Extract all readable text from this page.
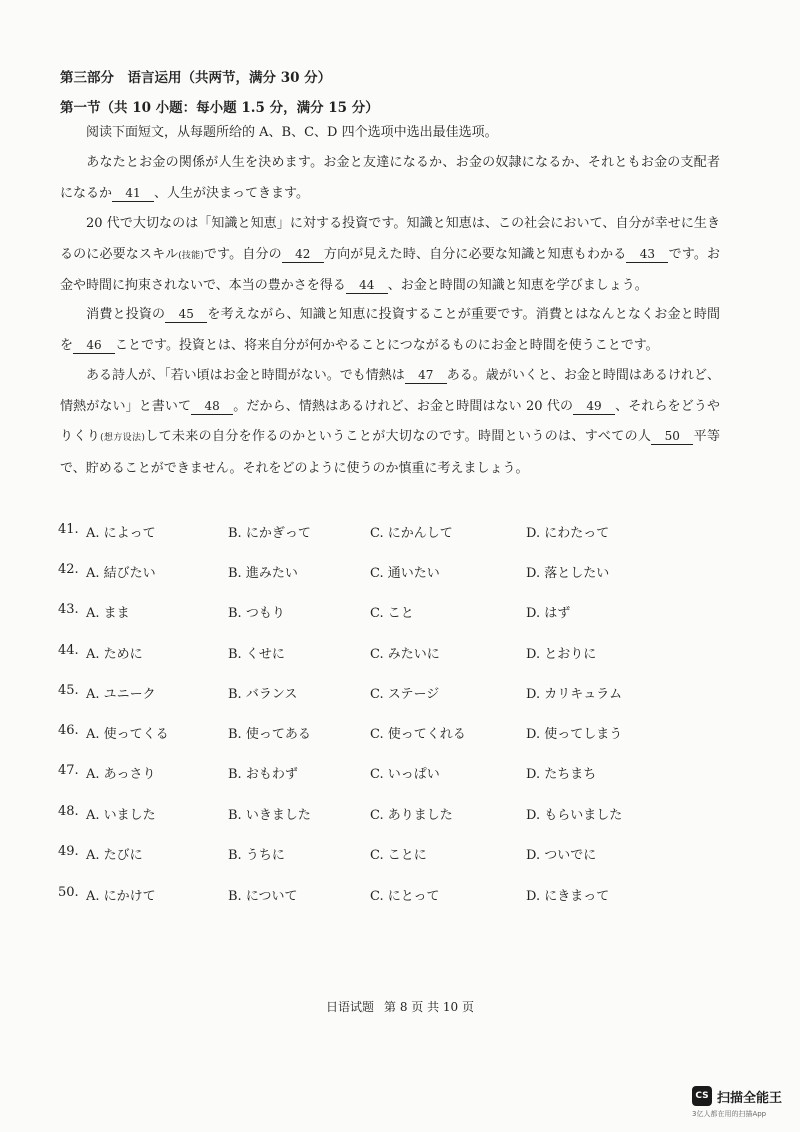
第三部分　语言运用（共两节，满分 30 分）
第一节（共 10 小题：每小题 1.5 分，满分 15 分）
阅读下面短文，从每题所给的 A、B、C、D 四个选项中选出最佳选项。
あなたとお金の関係が人生を決めます。お金と友達になるか、お金の奴隷になるか、それともお金の支配者になるか 41 、人生が決まってきます。
20 代で大切なのは「知識と知恵」に対する投資です。知識と知恵は、この社会において、自分が幸せに生きるのに必要なスキル(技能)です。自分の 42 方向が見えた時、自分に必要な知識と知恵もわかる 43 です。お金や時間に拘束されないで、本当の豊かさを得る 44 、お金と時間の知識と知恵を学びましょう。
消費と投資の 45 を考えながら、知識と知恵に投資することが重要です。消費とはなんとなくお金と時間を 46 ことです。投資とは、将来自分が何かやることにつながるものにお金と時間を使うことです。
ある詩人が、「若い頃はお金と時間がない。でも情熱は 47 ある。歳がいくと、お金と時間はあるけれど、情熱がない」と書いて 48 。だから、情熱はあるけれど、お金と時間はない 20 代の 49 、それらをどうやりくり(想方设法)して未来の自分を作るのかということが大切なのです。時間というのは、すべての人 50 平等で、貯めることができません。それをどのように使うのか慎重に考えましょう。
41. A. によって	B. にかぎって	C. にかんして	D. にわたって
42. A. 結びたい	B. 進みたい	C. 通いたい	D. 落としたい
43. A. まま	B. つもり	C. こと	D. はず
44. A. ために	B. くせに	C. みたいに	D. とおりに
45. A. ユニーク	B. バランス	C. ステージ	D. カリキュラム
46. A. 使ってくる	B. 使ってある	C. 使ってくれる	D. 使ってしまう
47. A. あっさり	B. おもわず	C. いっぱい	D. たちまち
48. A. いました	B. いきました	C. ありました	D. もらいました
49. A. たびに	B. うちに	C. ことに	D. ついでに
50. A. にかけて	B. について	C. にとって	D. にきまって
日语试题 第 8 页 共 10 页
CS 扫描全能王
3亿人都在用的扫描App
